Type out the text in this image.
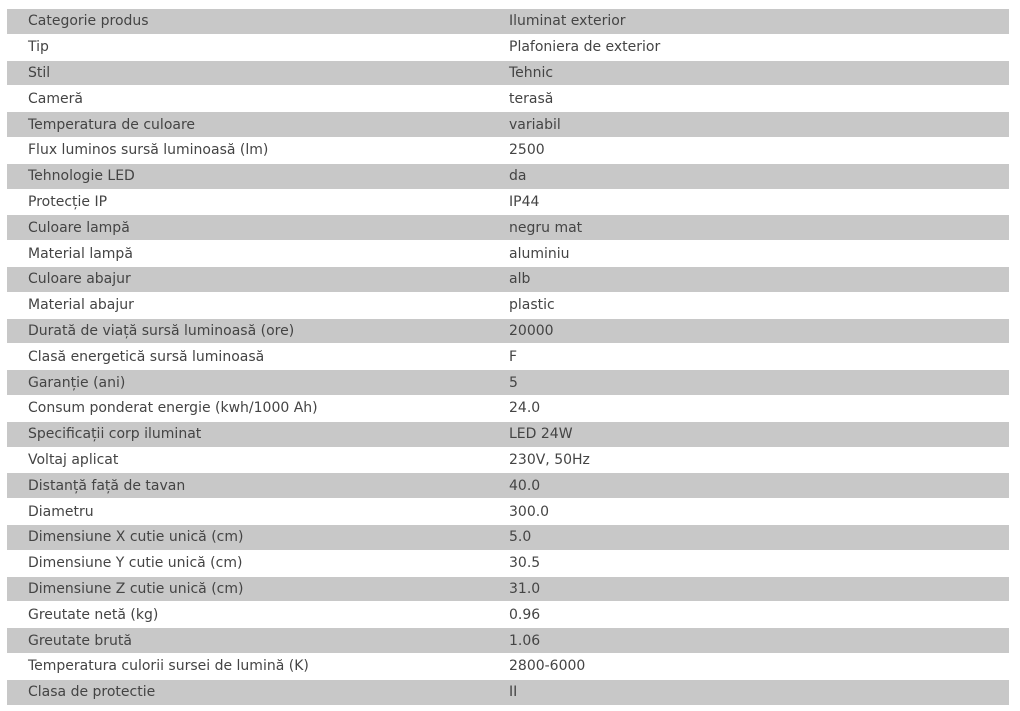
Categorie produs	Iluminat exterior
Tip	Plafoniera de exterior
Stil	Tehnic
Cameră	terasă
Temperatura de culoare	variabil
Flux luminos sursă luminoasă (lm)	2500
Tehnologie LED	da
Protecție IP	IP44
Culoare lampă	negru mat
Material lampă	aluminiu
Culoare abajur	alb
Material abajur	plastic
Durată de viață sursă luminoasă (ore)	20000
Clasă energetică sursă luminoasă	F
Garanție (ani)	5
Consum ponderat energie (kwh/1000 Ah)	24.0
Specificații corp iluminat	LED 24W
Voltaj aplicat	230V, 50Hz
Distanță față de tavan	40.0
Diametru	300.0
Dimensiune X cutie unică (cm)	5.0
Dimensiune Y cutie unică (cm)	30.5
Dimensiune Z cutie unică (cm)	31.0
Greutate netă (kg)	0.96
Greutate brută	1.06
Temperatura culorii sursei de lumină (K)	2800-6000
Clasa de protectie	II
